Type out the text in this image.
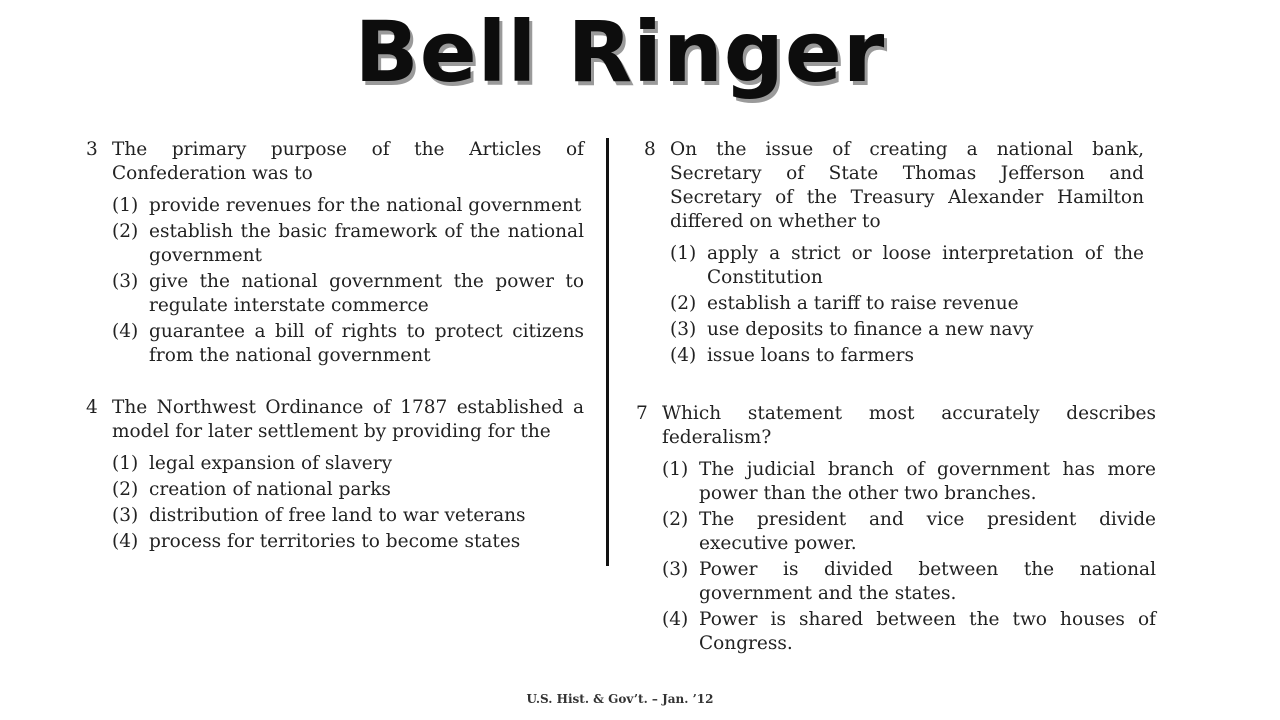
Bell Ringer
3 The primary purpose of the Articles of Confederation was to

(1) provide revenues for the national government
(2) establish the basic framework of the national government
(3) give the national government the power to regulate interstate commerce
(4) guarantee a bill of rights to protect citizens from the national government
4 The Northwest Ordinance of 1787 established a model for later settlement by providing for the

(1) legal expansion of slavery
(2) creation of national parks
(3) distribution of free land to war veterans
(4) process for territories to become states
8 On the issue of creating a national bank, Secretary of State Thomas Jefferson and Secretary of the Treasury Alexander Hamilton differed on whether to

(1) apply a strict or loose interpretation of the Constitution
(2) establish a tariff to raise revenue
(3) use deposits to finance a new navy
(4) issue loans to farmers
7 Which statement most accurately describes federalism?

(1) The judicial branch of government has more power than the other two branches.
(2) The president and vice president divide executive power.
(3) Power is divided between the national government and the states.
(4) Power is shared between the two houses of Congress.
U.S. Hist. & Gov’t. – Jan. ’12
